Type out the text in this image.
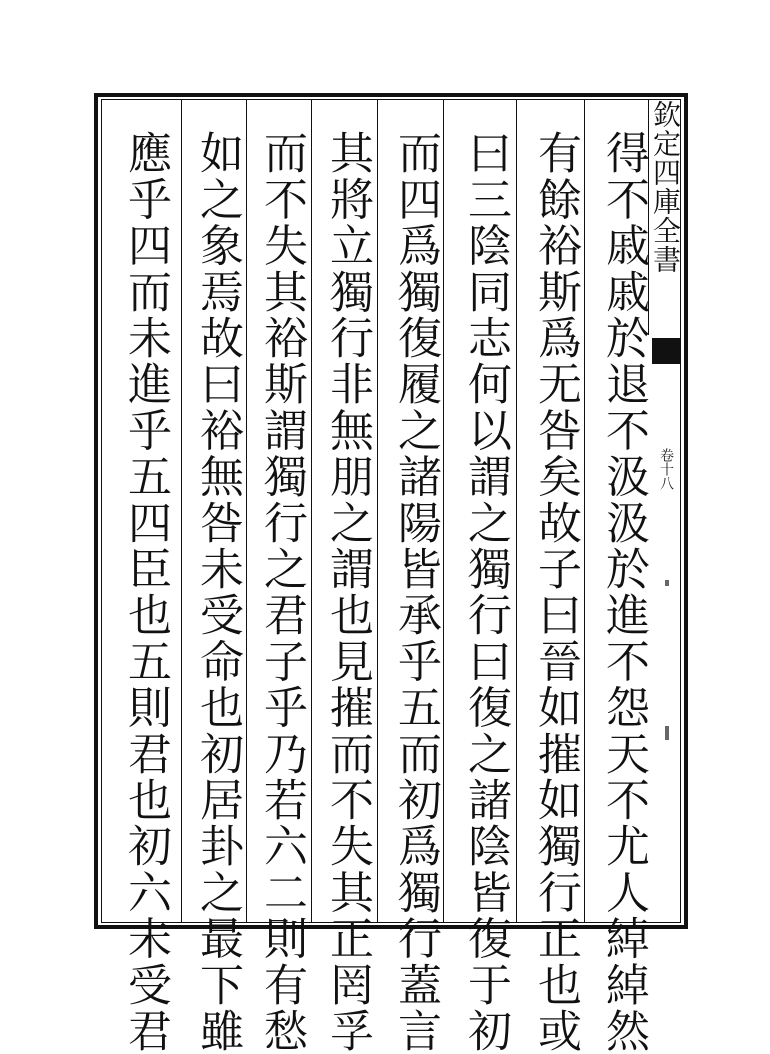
欽定四庫全書
卷十八
得不戚戚於退不汲汲於進不怨天不尤人綽綽然
有餘裕斯爲无咎矣故子曰晉如摧如獨行正也或
曰三陰同志何以謂之獨行曰復之諸陰皆復于初
而四爲獨復履之諸陽皆承乎五而初爲獨行蓋言
其將立獨行非無朋之謂也見摧而不失其正罔孚
而不失其裕斯謂獨行之君子乎乃若六二則有愁
如之象焉故曰裕無咎未受命也初居卦之最下雖
應乎四而未進乎五四臣也五則君也初六未受君
